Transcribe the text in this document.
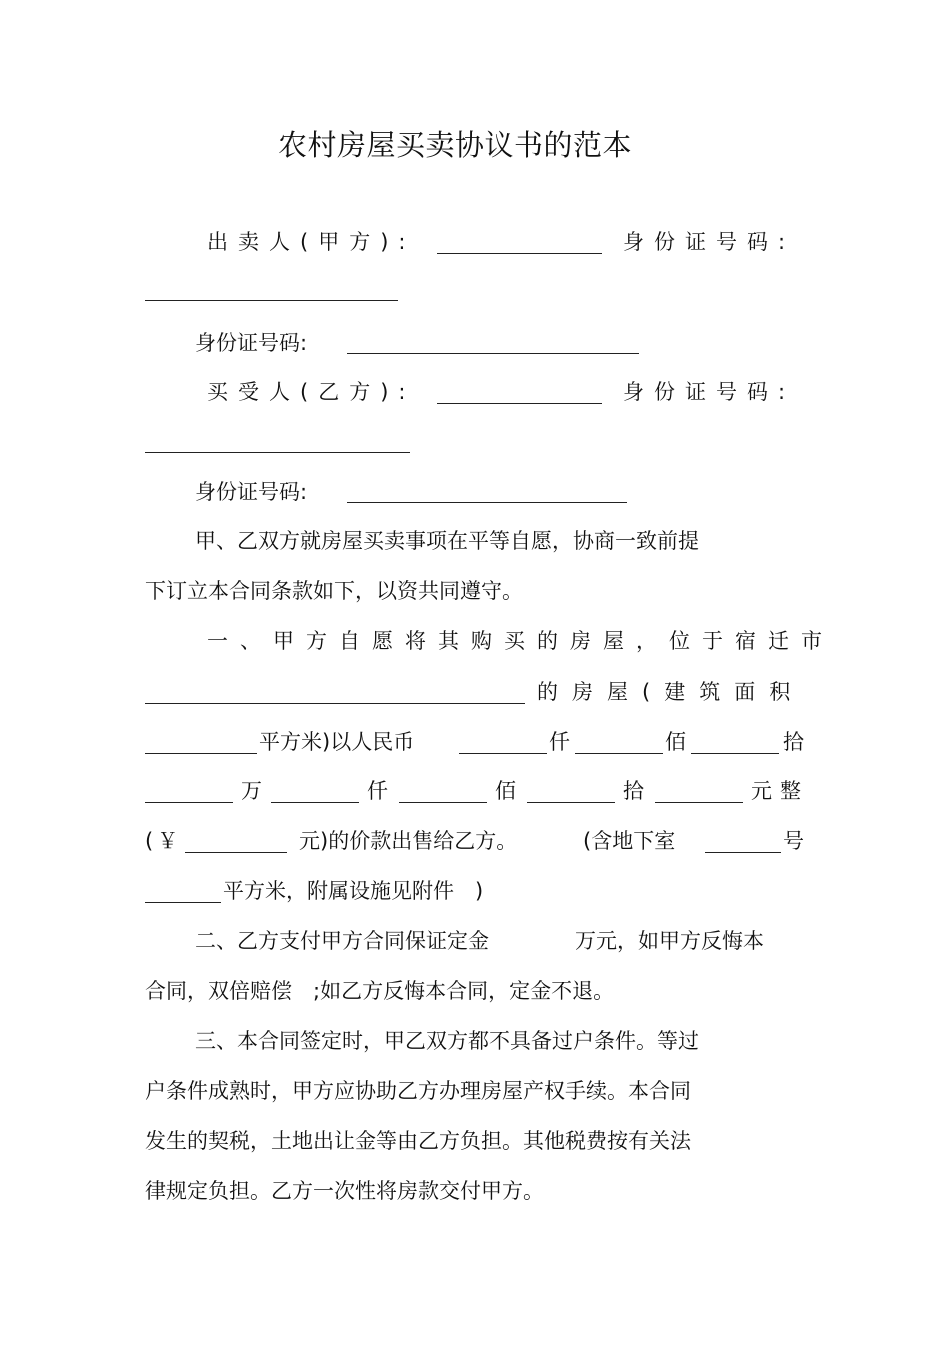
农村房屋买卖协议书的范本
出卖人(甲方):	身份证号码:
身份证号码:
买受人(乙方):	身份证号码:
身份证号码:
甲、乙双方就房屋买卖事项在平等自愿，协商一致前提
下订立本合同条款如下，以资共同遵守。
一、甲方自愿将其购买的房屋，位于宿迁市
的房屋(建筑面积
平方米)以人民币	仟	佰	拾
万	仟	佰	拾	元整
(￥	元)的价款出售给乙方。	(含地下室	号
平方米，附属设施见附件　)
二、乙方支付甲方合同保证定金	万元，如甲方反悔本
合同，双倍赔偿　;如乙方反悔本合同，定金不退。
三、本合同签定时，甲乙双方都不具备过户条件。等过
户条件成熟时，甲方应协助乙方办理房屋产权手续。本合同
发生的契税，土地出让金等由乙方负担。其他税费按有关法
律规定负担。乙方一次性将房款交付甲方。
